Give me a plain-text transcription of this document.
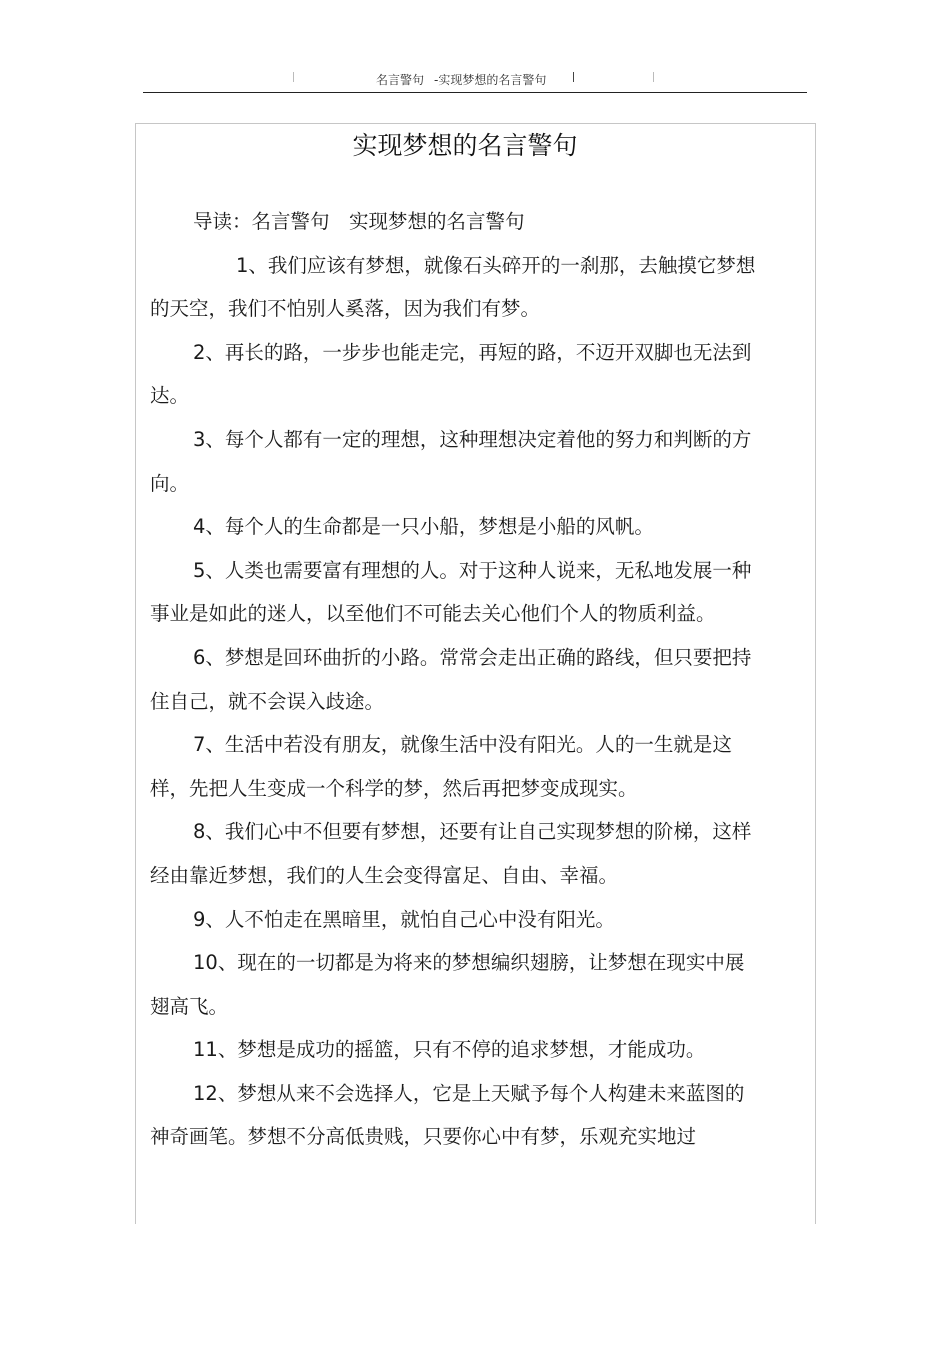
名言警句 -实现梦想的名言警句
实现梦想的名言警句

导读：名言警句　实现梦想的名言警句

1、我们应该有梦想，就像石头碎开的一刹那，去触摸它梦想的天空，我们不怕别人奚落，因为我们有梦。

2、再长的路，一步步也能走完，再短的路，不迈开双脚也无法到达。

3、每个人都有一定的理想，这种理想决定着他的努力和判断的方向。

4、每个人的生命都是一只小船，梦想是小船的风帆。

5、人类也需要富有理想的人。对于这种人说来，无私地发展一种事业是如此的迷人，以至他们不可能去关心他们个人的物质利益。

6、梦想是回环曲折的小路。常常会走出正确的路线，但只要把持住自己，就不会误入歧途。

7、生活中若没有朋友，就像生活中没有阳光。人的一生就是这样，先把人生变成一个科学的梦，然后再把梦变成现实。

8、我们心中不但要有梦想，还要有让自己实现梦想的阶梯，这样经由靠近梦想，我们的人生会变得富足、自由、幸福。

9、人不怕走在黑暗里，就怕自己心中没有阳光。

10、现在的一切都是为将来的梦想编织翅膀，让梦想在现实中展翅高飞。

11、梦想是成功的摇篮，只有不停的追求梦想，才能成功。

12、梦想从来不会选择人，它是上天赋予每个人构建未来蓝图的神奇画笔。梦想不分高低贵贱，只要你心中有梦，乐观充实地过
